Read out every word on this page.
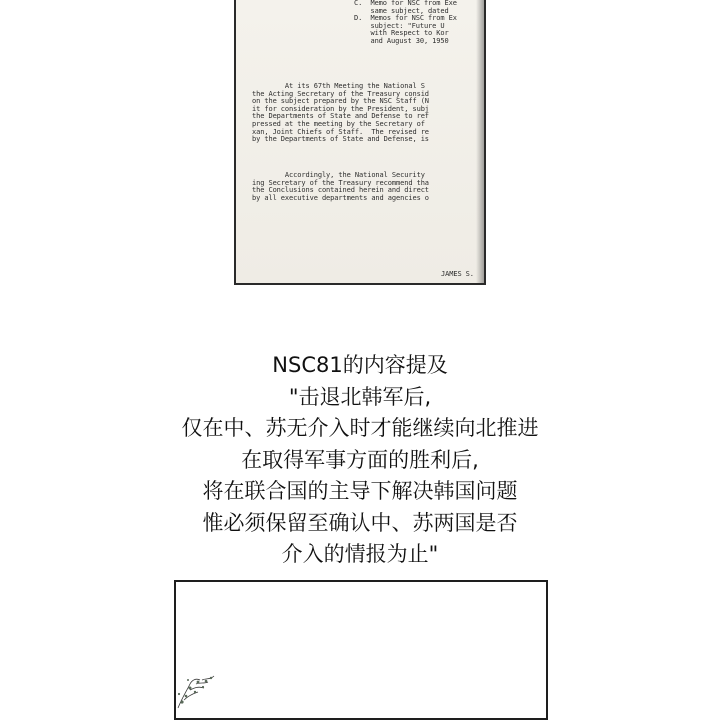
C.  Memo for NSC from Exe
same subject, dated
D.  Memos for NSC from Ex
subject: "Future U
with Respect to Kor
and August 30, 1950
At its 67th Meeting the National S
the Acting Secretary of the Treasury consid
on the subject prepared by the NSC Staff (N
it for consideration by the President, subj
the Departments of State and Defense to ref
pressed at the meeting by the Secretary of
xan, Joint Chiefs of Staff.  The revised re
by the Departments of State and Defense, is
Accordingly, the National Security
ing Secretary of the Treasury recommend tha
the Conclusions contained herein and direct
by all executive departments and agencies o
JAMES S.
NSC81的内容提及
"击退北韩军后,
仅在中、苏无介入时才能继续向北推进
在取得军事方面的胜利后,
将在联合国的主导下解决韩国问题
惟必须保留至确认中、苏两国是否
介入的情报为止"
